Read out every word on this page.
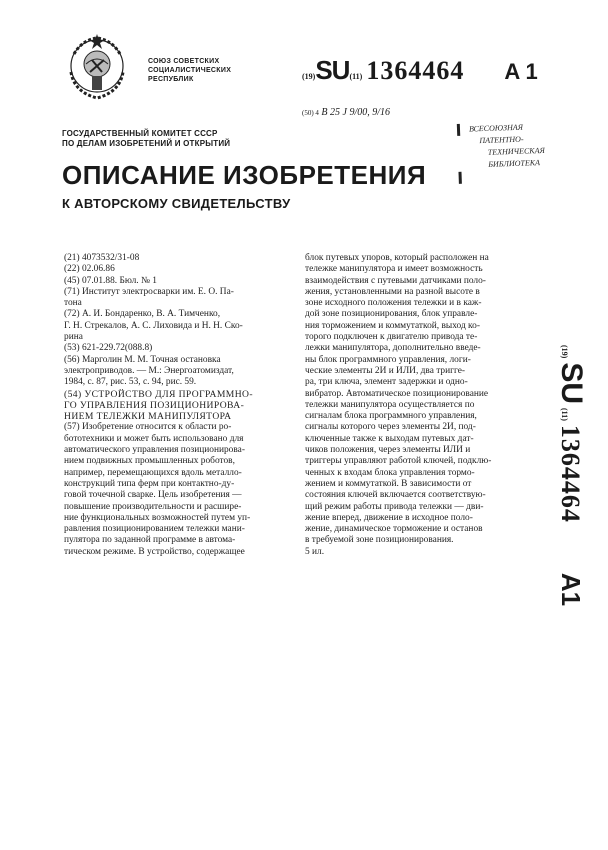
СОЮЗ СОВЕТСКИХ
СОЦИАЛИСТИЧЕСКИХ
РЕСПУБЛИК	(19)SU(11) 1364464 A 1
(50) 4 B 25 J 9/00, 9/16
ГОСУДАРСТВЕННЫЙ КОМИТЕТ СССР
ПО ДЕЛАМ ИЗОБРЕТЕНИЙ И ОТКРЫТИЙ
ВСЕСОЮЗНАЯ
ПАТЕНТНО-
ТЕХНИЧЕСКАЯ
БИБЛИОТЕКА
ОПИСАНИЕ ИЗОБРЕТЕНИЯ
К АВТОРСКОМУ СВИДЕТЕЛЬСТВУ
(21) 4073532/31-08
(22) 02.06.86
(45) 07.01.88. Бюл. № 1
(71) Институт электросварки им. Е. О. Па-
тона
(72) А. И. Бондаренко, В. А. Тимченко,
Г. Н. Стрекалов, А. С. Лиховида и Н. Н. Ско-
рина
(53) 621-229.72(088.8)
(56) Марголин М. М. Точная остановка
электроприводов. — М.: Энергоатомиздат,
1984, с. 87, рис. 53, с. 94, рис. 59.
(54) УСТРОЙСТВО ДЛЯ ПРОГРАММНО-
ГО УПРАВЛЕНИЯ ПОЗИЦИОНИРОВА-
НИЕМ ТЕЛЕЖКИ МАНИПУЛЯТОРА
(57) Изобретение относится к области ро-
бототехники и может быть использовано для
автоматического управления позиционирова-
нием подвижных промышленных роботов,
например, перемещающихся вдоль металло-
конструкций типа ферм при контактно-ду-
говой точечной сварке. Цель изобретения —
повышение производительности и расшире-
ние функциональных возможностей путем уп-
равления позиционированием тележки мани-
пулятора по заданной программе в автома-
тическом режиме. В устройство, содержащее
блок путевых упоров, который расположен на
тележке манипулятора и имеет возможность
взаимодействия с путевыми датчиками поло-
жения, установленными на разной высоте в
зоне исходного положения тележки и в каж-
дой зоне позиционирования, блок управле-
ния торможением и коммутаткой, выход ко-
торого подключен к двигателю привода те-
лежки манипулятора, дополнительно введе-
ны блок программного управления, логи-
ческие элементы 2И и ИЛИ, два тригге-
ра, три ключа, элемент задержки и одно-
вибратор. Автоматическое позиционирование
тележки манипулятора осуществляется по
сигналам блока программного управления,
сигналы которого через элементы 2И, под-
ключенные также к выходам путевых дат-
чиков положения, через элементы ИЛИ и
триггеры управляют работой ключей, подклю-
ченных к входам блока управления тормо-
жением и коммутаткой. В зависимости от
состояния ключей включается соответствую-
щий режим работы привода тележки — дви-
жение вперед, движение в исходное поло-
жение, динамическое торможение и останов
в требуемой зоне позиционирования.
5 ил.
(19)SU (11)1364464A1
